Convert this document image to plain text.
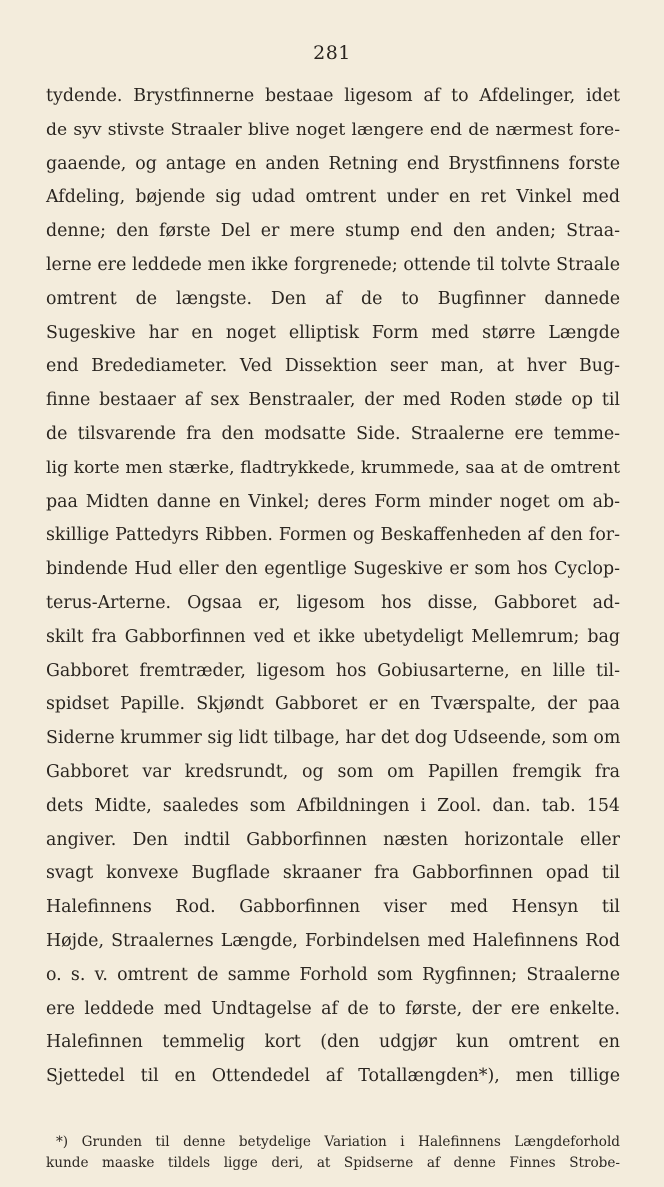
281
tydende. Brystfinnerne bestaae ligesom af to Afdelinger, idet
de syv stivste Straaler blive noget længere end de nærmest fore-
gaaende, og antage en anden Retning end Brystfinnens forste
Afdeling, bøjende sig udad omtrent under en ret Vinkel med
denne; den første Del er mere stump end den anden; Straa-
lerne ere leddede men ikke forgrenede; ottende til tolvte Straale
omtrent de længste. Den af de to Bugfinner dannede
Sugeskive har en noget elliptisk Form med større Længde
end Bredediameter. Ved Dissektion seer man, at hver Bug-
finne bestaaer af sex Benstraaler, der med Roden støde op til
de tilsvarende fra den modsatte Side. Straalerne ere temme-
lig korte men stærke, fladtrykkede, krummede, saa at de omtrent
paa Midten danne en Vinkel; deres Form minder noget om ab-
skillige Pattedyrs Ribben. Formen og Beskaffenheden af den for-
bindende Hud eller den egentlige Sugeskive er som hos Cyclop-
terus-Arterne. Ogsaa er, ligesom hos disse, Gabboret ad-
skilt fra Gabborfinnen ved et ikke ubetydeligt Mellemrum; bag
Gabboret fremtræder, ligesom hos Gobiusarterne, en lille til-
spidset Papille. Skjøndt Gabboret er en Tværspalte, der paa
Siderne krummer sig lidt tilbage, har det dog Udseende, som om
Gabboret var kredsrundt, og som om Papillen fremgik fra
dets Midte, saaledes som Afbildningen i Zool. dan. tab. 154
angiver. Den indtil Gabborfinnen næsten horizontale eller
svagt konvexe Bugflade skraaner fra Gabborfinnen opad til
Halefinnens Rod. Gabborfinnen viser med Hensyn til
Højde, Straalernes Længde, Forbindelsen med Halefinnens Rod
o. s. v. omtrent de samme Forhold som Rygfinnen; Straalerne
ere leddede med Undtagelse af de to første, der ere enkelte.
Halefinnen temmelig kort (den udgjør kun omtrent en
Sjettedel til en Ottendedel af Totallængden*), men tillige
*) Grunden til denne betydelige Variation i Halefinnens Længdeforhold
kunde maaske tildels ligge deri, at Spidserne af denne Finnes Strobe-
